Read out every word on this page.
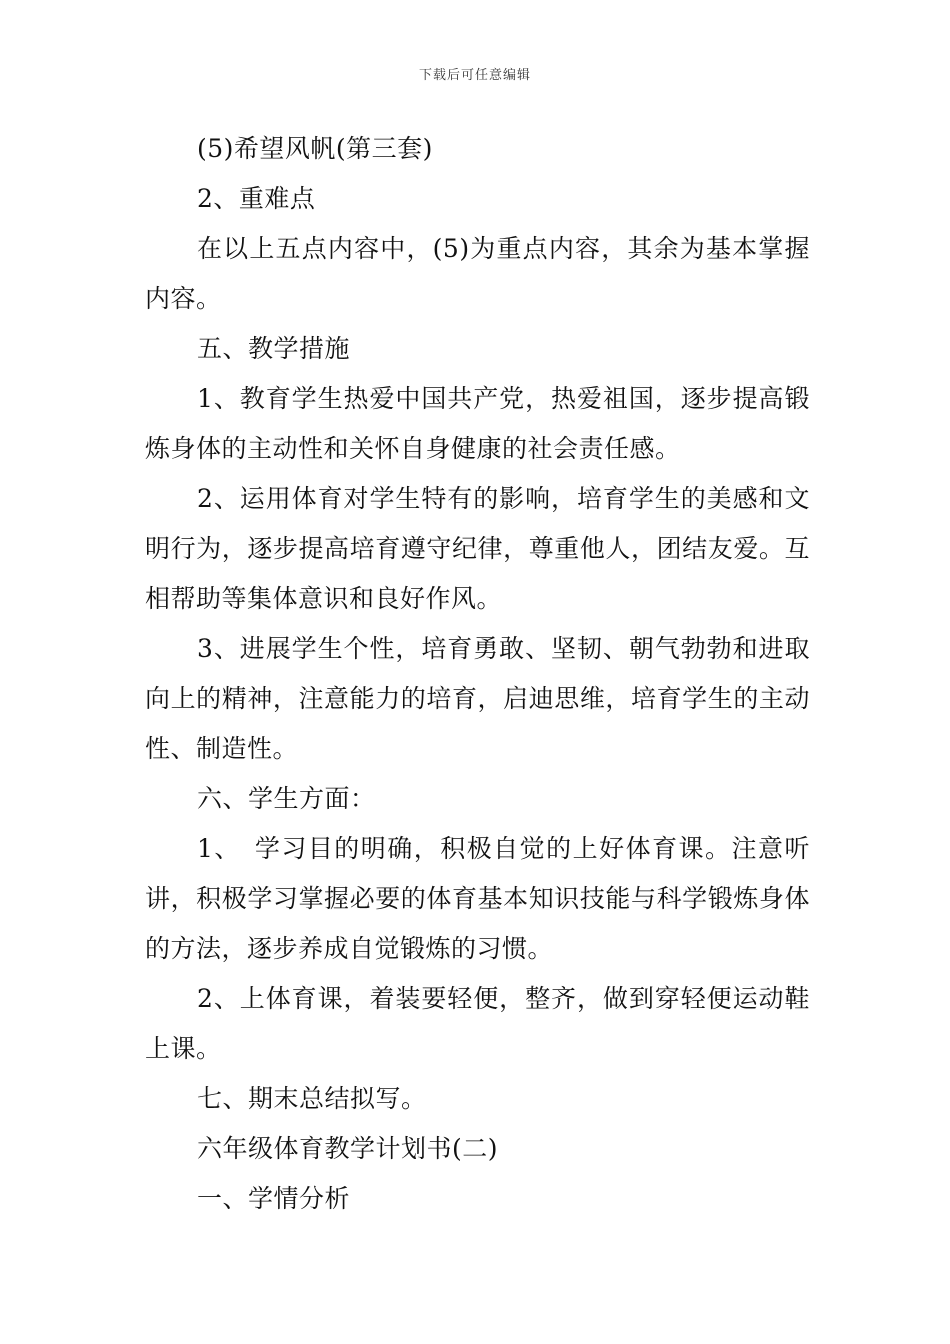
下载后可任意编辑

(5)希望风帆(第三套)

2、重难点

在以上五点内容中，(5)为重点内容，其余为基本掌握内容。

五、教学措施

1、教育学生热爱中国共产党，热爱祖国，逐步提高锻炼身体的主动性和关怀自身健康的社会责任感。

2、运用体育对学生特有的影响，培育学生的美感和文明行为，逐步提高培育遵守纪律，尊重他人，团结友爱。互相帮助等集体意识和良好作风。

3、进展学生个性，培育勇敢、坚韧、朝气勃勃和进取向上的精神，注意能力的培育，启迪思维，培育学生的主动性、制造性。

六、学生方面：

1、　学习目的明确，积极自觉的上好体育课。注意听讲，积极学习掌握必要的体育基本知识技能与科学锻炼身体的方法，逐步养成自觉锻炼的习惯。

2、上体育课，着装要轻便，整齐，做到穿轻便运动鞋上课。

七、期末总结拟写。

六年级体育教学计划书(二)

一、学情分析
